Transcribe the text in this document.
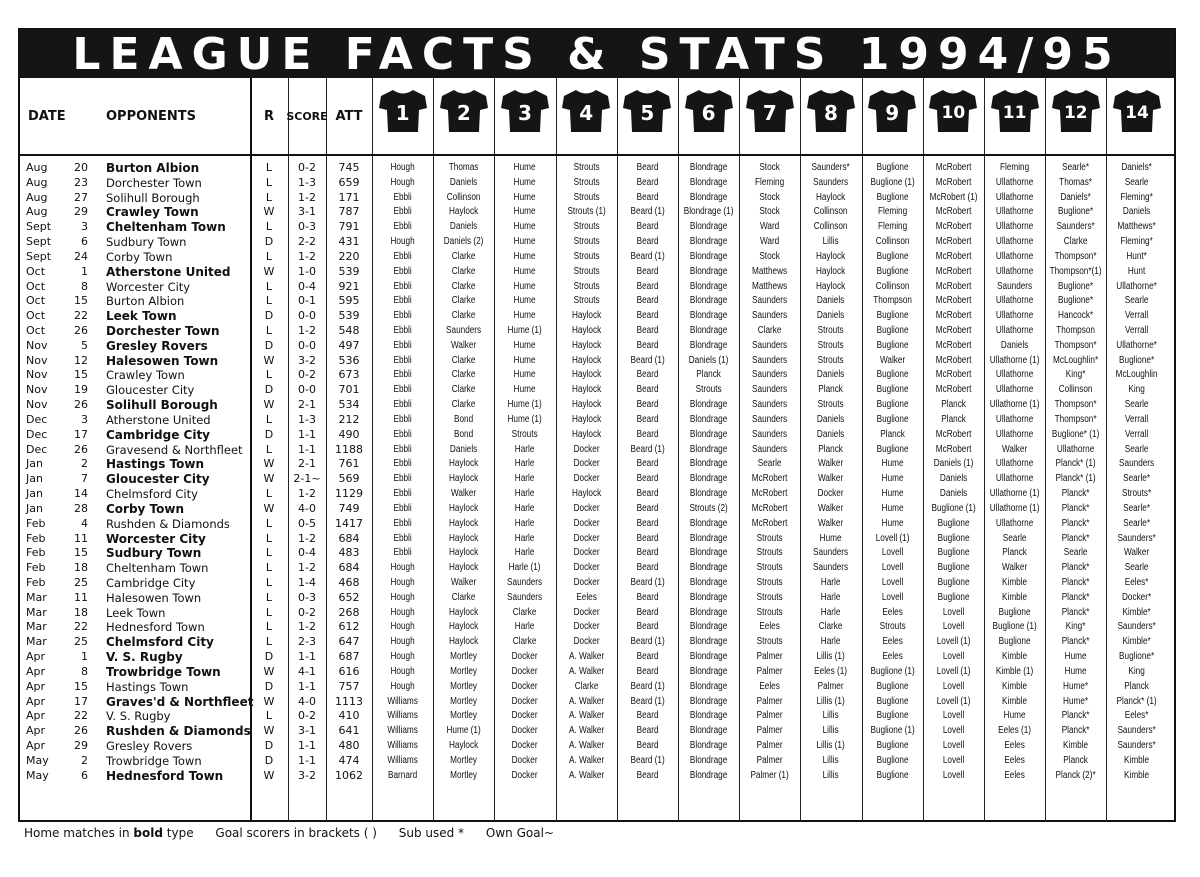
LEAGUE FACTS & STATS 1994/95
DATE	OPPONENTS	R	SCORE ATT	1	2	3	4	5	6	7	8	9	10	11	12	14
Aug	20 Burton Albion	L	0-2	745	Hough	Thomas	Hume	Strouts	Beard	Blondrage	Stock	Saunders*	Buglione	McRobert	Fleming	Searle*	Daniels*
Aug	23 Dorchester Town	L	1-3	659	Hough	Daniels	Hume	Strouts	Beard	Blondrage	Fleming	Saunders	Buglione (1)	McRobert	Ullathorne	Thomas*	Searle
Aug	27 Solihull Borough	L	1-2	171	Ebbli	Collinson	Hume	Strouts	Beard	Blondrage	Stock	Haylock	Buglione	McRobert (1)	Ullathorne	Daniels*	Fleming*
Aug	29 Crawley Town	W	3-1	787	Ebbli	Haylock	Hume	Strouts (1)	Beard (1)	Blondrage (1)	Stock	Collinson	Fleming	McRobert	Ullathorne	Buglione*	Daniels
Sept	3 Cheltenham Town	L	0-3	791	Ebbli	Daniels	Hume	Strouts	Beard	Blondrage	Ward	Collinson	Fleming	McRobert	Ullathorne	Saunders*	Matthews*
Sept	6 Sudbury Town	D	2-2	431	Hough	Daniels (2)	Hume	Strouts	Beard	Blondrage	Ward	Lillis	Collinson	McRobert	Ullathorne	Clarke	Fleming*
Sept	24 Corby Town	L	1-2	220	Ebbli	Clarke	Hume	Strouts	Beard (1)	Blondrage	Stock	Haylock	Buglione	McRobert	Ullathorne	Thompson*	Hunt*
Oct	1 Atherstone United	W	1-0	539	Ebbli	Clarke	Hume	Strouts	Beard	Blondrage	Matthews	Haylock	Buglione	McRobert	Ullathorne	Thompson*(1)	Hunt
Oct	8 Worcester City	L	0-4	921	Ebbli	Clarke	Hume	Strouts	Beard	Blondrage	Matthews	Haylock	Collinson	McRobert	Saunders	Buglione*	Ullathorne*
Oct	15 Burton Albion	L	0-1	595	Ebbli	Clarke	Hume	Strouts	Beard	Blondrage	Saunders	Daniels	Thompson	McRobert	Ullathorne	Buglione*	Searle
Oct	22 Leek Town	D	0-0	539	Ebbli	Clarke	Hume	Haylock	Beard	Blondrage	Saunders	Daniels	Buglione	McRobert	Ullathorne	Hancock*	Verrall
Oct	26 Dorchester Town	L	1-2	548	Ebbli	Saunders	Hume (1)	Haylock	Beard	Blondrage	Clarke	Strouts	Buglione	McRobert	Ullathorne	Thompson	Verrall
Nov	5 Gresley Rovers	D	0-0	497	Ebbli	Walker	Hume	Haylock	Beard	Blondrage	Saunders	Strouts	Buglione	McRobert	Daniels	Thompson*	Ullathorne*
Nov	12 Halesowen Town	W	3-2	536	Ebbli	Clarke	Hume	Haylock	Beard (1)	Daniels (1)	Saunders	Strouts	Walker	McRobert	Ullathorne (1)	McLoughlin*	Buglione*
Nov	15 Crawley Town	L	0-2	673	Ebbli	Clarke	Hume	Haylock	Beard	Planck	Saunders	Daniels	Buglione	McRobert	Ullathorne	King*	McLoughlin
Nov	19 Gloucester City	D	0-0	701	Ebbli	Clarke	Hume	Haylock	Beard	Strouts	Saunders	Planck	Buglione	McRobert	Ullathorne	Collinson	King
Nov	26 Solihull Borough	W	2-1	534	Ebbli	Clarke	Hume (1)	Haylock	Beard	Blondrage	Saunders	Strouts	Buglione	Planck	Ullathorne (1)	Thompson*	Searle
Dec	3 Atherstone United	L	1-3	212	Ebbli	Bond	Hume (1)	Haylock	Beard	Blondrage	Saunders	Daniels	Buglione	Planck	Ullathorne	Thompson*	Verrall
Dec	17 Cambridge City	D	1-1	490	Ebbli	Bond	Strouts	Haylock	Beard	Blondrage	Saunders	Daniels	Planck	McRobert	Ullathorne	Buglione* (1)	Verrall
Dec	26 Gravesend & Northfleet	L	1-1	1188	Ebbli	Daniels	Harle	Docker	Beard (1)	Blondrage	Saunders	Planck	Buglione	McRobert	Walker	Ullathorne	Searle
Jan	2 Hastings Town	W	2-1	761	Ebbli	Haylock	Harle	Docker	Beard	Blondrage	Searle	Walker	Hume	Daniels (1)	Ullathorne	Planck* (1)	Saunders
Jan	7 Gloucester City	W	2-1~	569	Ebbli	Haylock	Harle	Docker	Beard	Blondrage	McRobert	Walker	Hume	Daniels	Ullathorne	Planck* (1)	Searle*
Jan	14 Chelmsford City	L	1-2	1129	Ebbli	Walker	Harle	Haylock	Beard	Blondrage	McRobert	Docker	Hume	Daniels	Ullathorne (1)	Planck*	Strouts*
Jan	28 Corby Town	W	4-0	749	Ebbli	Haylock	Harle	Docker	Beard	Strouts (2)	McRobert	Walker	Hume	Buglione (1)	Ullathorne (1)	Planck*	Searle*
Feb	4 Rushden & Diamonds	L	0-5	1417	Ebbli	Haylock	Harle	Docker	Beard	Blondrage	McRobert	Walker	Hume	Buglione	Ullathorne	Planck*	Searle*
Feb	11 Worcester City	L	1-2	684	Ebbli	Haylock	Harle	Docker	Beard	Blondrage	Strouts	Hume	Lovell (1)	Buglione	Searle	Planck*	Saunders*
Feb	15 Sudbury Town	L	0-4	483	Ebbli	Haylock	Harle	Docker	Beard	Blondrage	Strouts	Saunders	Lovell	Buglione	Planck	Searle	Walker
Feb	18 Cheltenham Town	L	1-2	684	Hough	Haylock	Harle (1)	Docker	Beard	Blondrage	Strouts	Saunders	Lovell	Buglione	Walker	Planck*	Searle
Feb	25 Cambridge City	L	1-4	468	Hough	Walker	Saunders	Docker	Beard (1)	Blondrage	Strouts	Harle	Lovell	Buglione	Kimble	Planck*	Eeles*
Mar	11 Halesowen Town	L	0-3	652	Hough	Clarke	Saunders	Eeles	Beard	Blondrage	Strouts	Harle	Lovell	Buglione	Kimble	Planck*	Docker*
Mar	18 Leek Town	L	0-2	268	Hough	Haylock	Clarke	Docker	Beard	Blondrage	Strouts	Harle	Eeles	Lovell	Buglione	Planck*	Kimble*
Mar	22 Hednesford Town	L	1-2	612	Hough	Haylock	Harle	Docker	Beard	Blondrage	Eeles	Clarke	Strouts	Lovell	Buglione (1)	King*	Saunders*
Mar	25 Chelmsford City	L	2-3	647	Hough	Haylock	Clarke	Docker	Beard (1)	Blondrage	Strouts	Harle	Eeles	Lovell (1)	Buglione	Planck*	Kimble*
Apr	1 V. S. Rugby	D	1-1	687	Hough	Mortley	Docker	A. Walker	Beard	Blondrage	Palmer	Lillis (1)	Eeles	Lovell	Kimble	Hume	Buglione*
Apr	8 Trowbridge Town	W	4-1	616	Hough	Mortley	Docker	A. Walker	Beard	Blondrage	Palmer	Eeles (1)	Buglione (1)	Lovell (1)	Kimble (1)	Hume	King
Apr	15 Hastings Town	D	1-1	757	Hough	Mortley	Docker	Clarke	Beard (1)	Blondrage	Eeles	Palmer	Buglione	Lovell	Kimble	Hume*	Planck
Apr	17 Graves'd & Northfleet W	4-0	1113	Williams	Mortley	Docker	A. Walker	Beard (1)	Blondrage	Palmer	Lillis (1)	Buglione	Lovell (1)	Kimble	Hume*	Planck* (1)
Apr	22 V. S. Rugby	L	0-2	410	Williams	Mortley	Docker	A. Walker	Beard	Blondrage	Palmer	Lillis	Buglione	Lovell	Hume	Planck*	Eeles*
Apr	26 Rushden & Diamonds	W	3-1	641	Williams	Hume (1)	Docker	A. Walker	Beard	Blondrage	Palmer	Lillis	Buglione (1)	Lovell	Eeles (1)	Planck*	Saunders*
Apr	29 Gresley Rovers	D	1-1	480	Williams	Haylock	Docker	A. Walker	Beard	Blondrage	Palmer	Lillis (1)	Buglione	Lovell	Eeles	Kimble	Saunders*
May	2 Trowbridge Town	D	1-1	474	Williams	Mortley	Docker	A. Walker	Beard (1)	Blondrage	Palmer	Lillis	Buglione	Lovell	Eeles	Planck	Kimble
May	6 Hednesford Town	W	3-2	1062	Barnard	Mortley	Docker	A. Walker	Beard	Blondrage	Palmer (1)	Lillis	Buglione	Lovell	Eeles	Planck (2)*	Kimble
Home matches in bold type Goal scorers in brackets ( ) Sub used * Own Goal~
